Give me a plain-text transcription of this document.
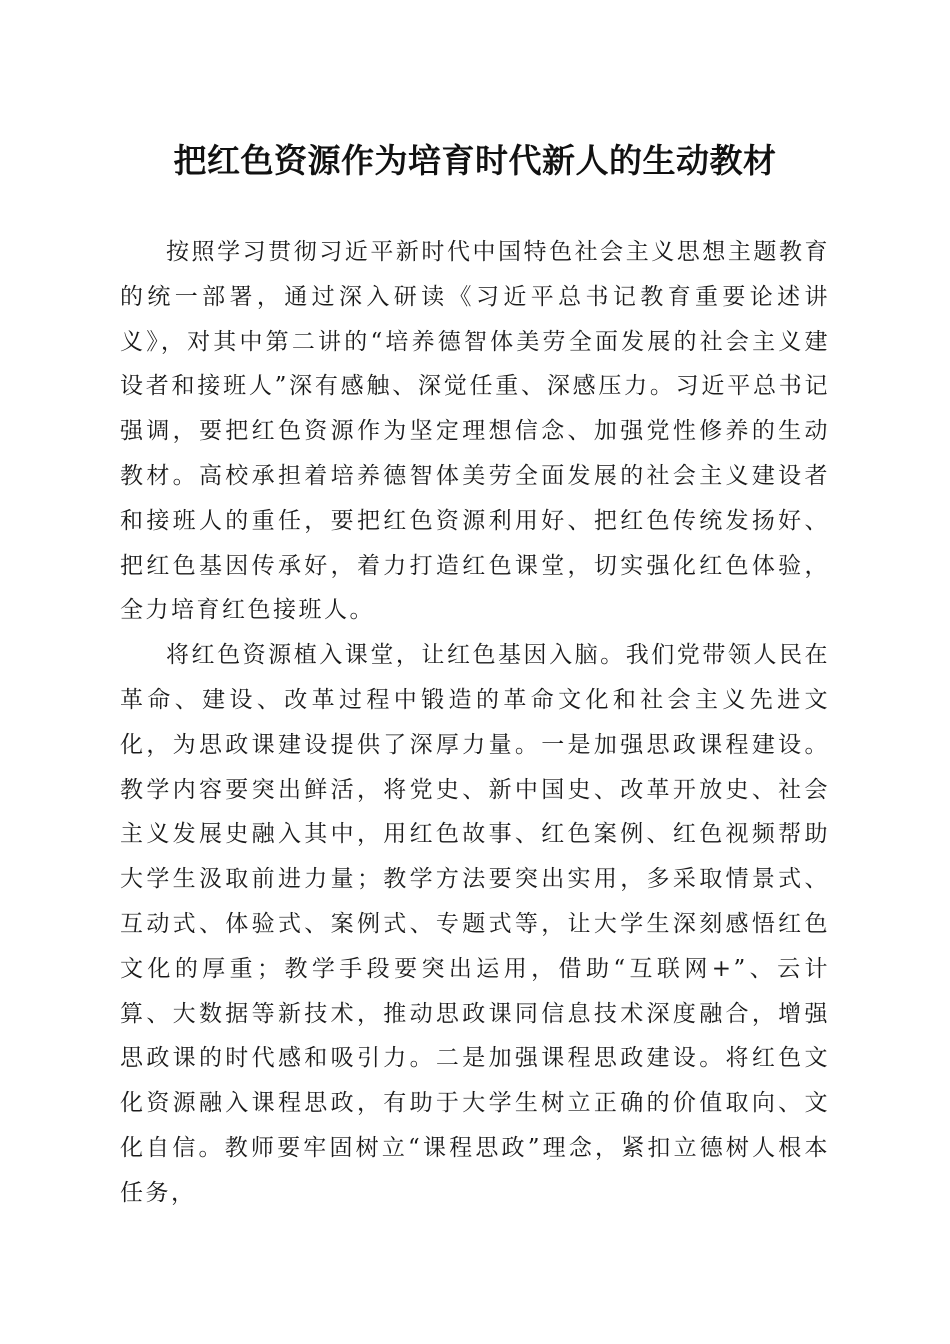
把红色资源作为培育时代新人的生动教材

按照学习贯彻习近平新时代中国特色社会主义思想主题教育的统一部署，通过深入研读《习近平总书记教育重要论述讲义》，对其中第二讲的“培养德智体美劳全面发展的社会主义建设者和接班人”深有感触、深觉任重、深感压力。习近平总书记强调，要把红色资源作为坚定理想信念、加强党性修养的生动教材。高校承担着培养德智体美劳全面发展的社会主义建设者和接班人的重任，要把红色资源利用好、把红色传统发扬好、把红色基因传承好，着力打造红色课堂，切实强化红色体验，全力培育红色接班人。

将红色资源植入课堂，让红色基因入脑。我们党带领人民在革命、建设、改革过程中锻造的革命文化和社会主义先进文化，为思政课建设提供了深厚力量。一是加强思政课程建设。教学内容要突出鲜活，将党史、新中国史、改革开放史、社会主义发展史融入其中，用红色故事、红色案例、红色视频帮助大学生汲取前进力量；教学方法要突出实用，多采取情景式、互动式、体验式、案例式、专题式等，让大学生深刻感悟红色文化的厚重；教学手段要突出运用，借助“互联网+”、云计算、大数据等新技术，推动思政课同信息技术深度融合，增强思政课的时代感和吸引力。二是加强课程思政建设。将红色文化资源融入课程思政，有助于大学生树立正确的价值取向、文化自信。教师要牢固树立“课程思政”理念，紧扣立德树人根本任务，
